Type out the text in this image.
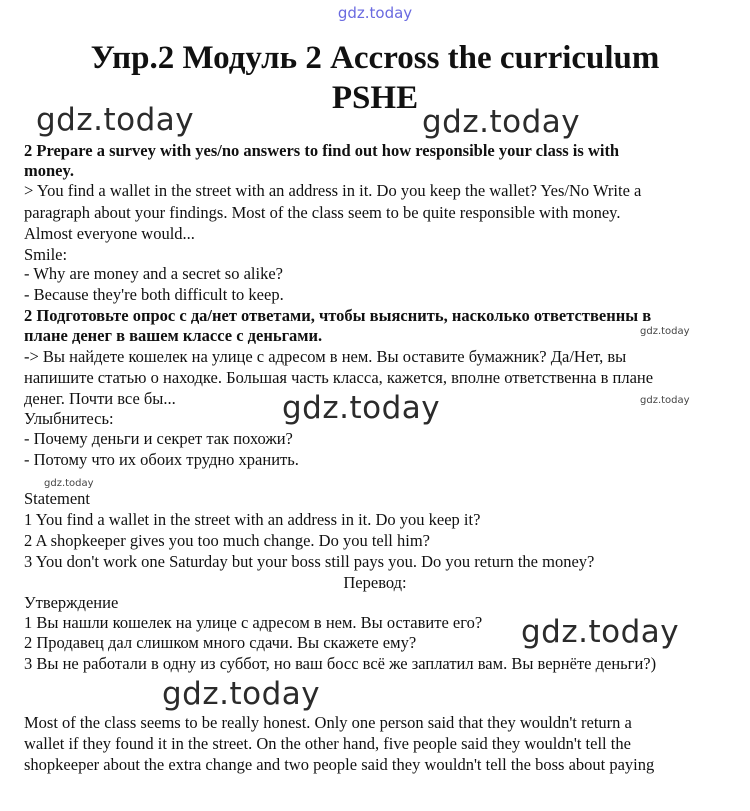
gdz.today
Упр.2 Модуль 2 Accross the curriculum
PSHE
gdz.today	gdz.today
2 Prepare a survey with yes/no answers to find out how responsible your class is with
money.
> You find a wallet in the street with an address in it. Do you keep the wallet? Yes/No Write a
paragraph about your findings. Most of the class seem to be quite responsible with money.
Almost everyone would...
Smile:
- Why are money and a secret so alike?
- Because they're both difficult to keep.
2 Подготовьте опрос с да/нет ответами, чтобы выяснить, насколько ответственны в
плане денег в вашем классе с деньгами.	gdz.today
-> Вы найдете кошелек на улице с адресом в нем. Вы оставите бумажник? Да/Нет, вы
напишите статью о находке. Большая часть класса, кажется, вполне ответственна в плане
денег. Почти все бы...	gdz.today
gdz.today
Улыбнитесь:
- Почему деньги и секрет так похожи?
- Потому что их обоих трудно хранить.
gdz.today
Statement
1 You find a wallet in the street with an address in it. Do you keep it?
2 A shopkeeper gives you too much change. Do you tell him?
3 You don't work one Saturday but your boss still pays you. Do you return the money?
Перевод:
Утверждение
1 Вы нашли кошелек на улице с адресом в нем. Вы оставите его? gdz.today
2 Продавец дал слишком много сдачи. Вы скажете ему?
3 Вы не работали в одну из суббот, но ваш босс всё же заплатил вам. Вы вернёте деньги?)
gdz.today
Most of the class seems to be really honest. Only one person said that they wouldn't return a
wallet if they found it in the street. On the other hand, five people said they wouldn't tell the
shopkeeper about the extra change and two people said they wouldn't tell the boss about paying
